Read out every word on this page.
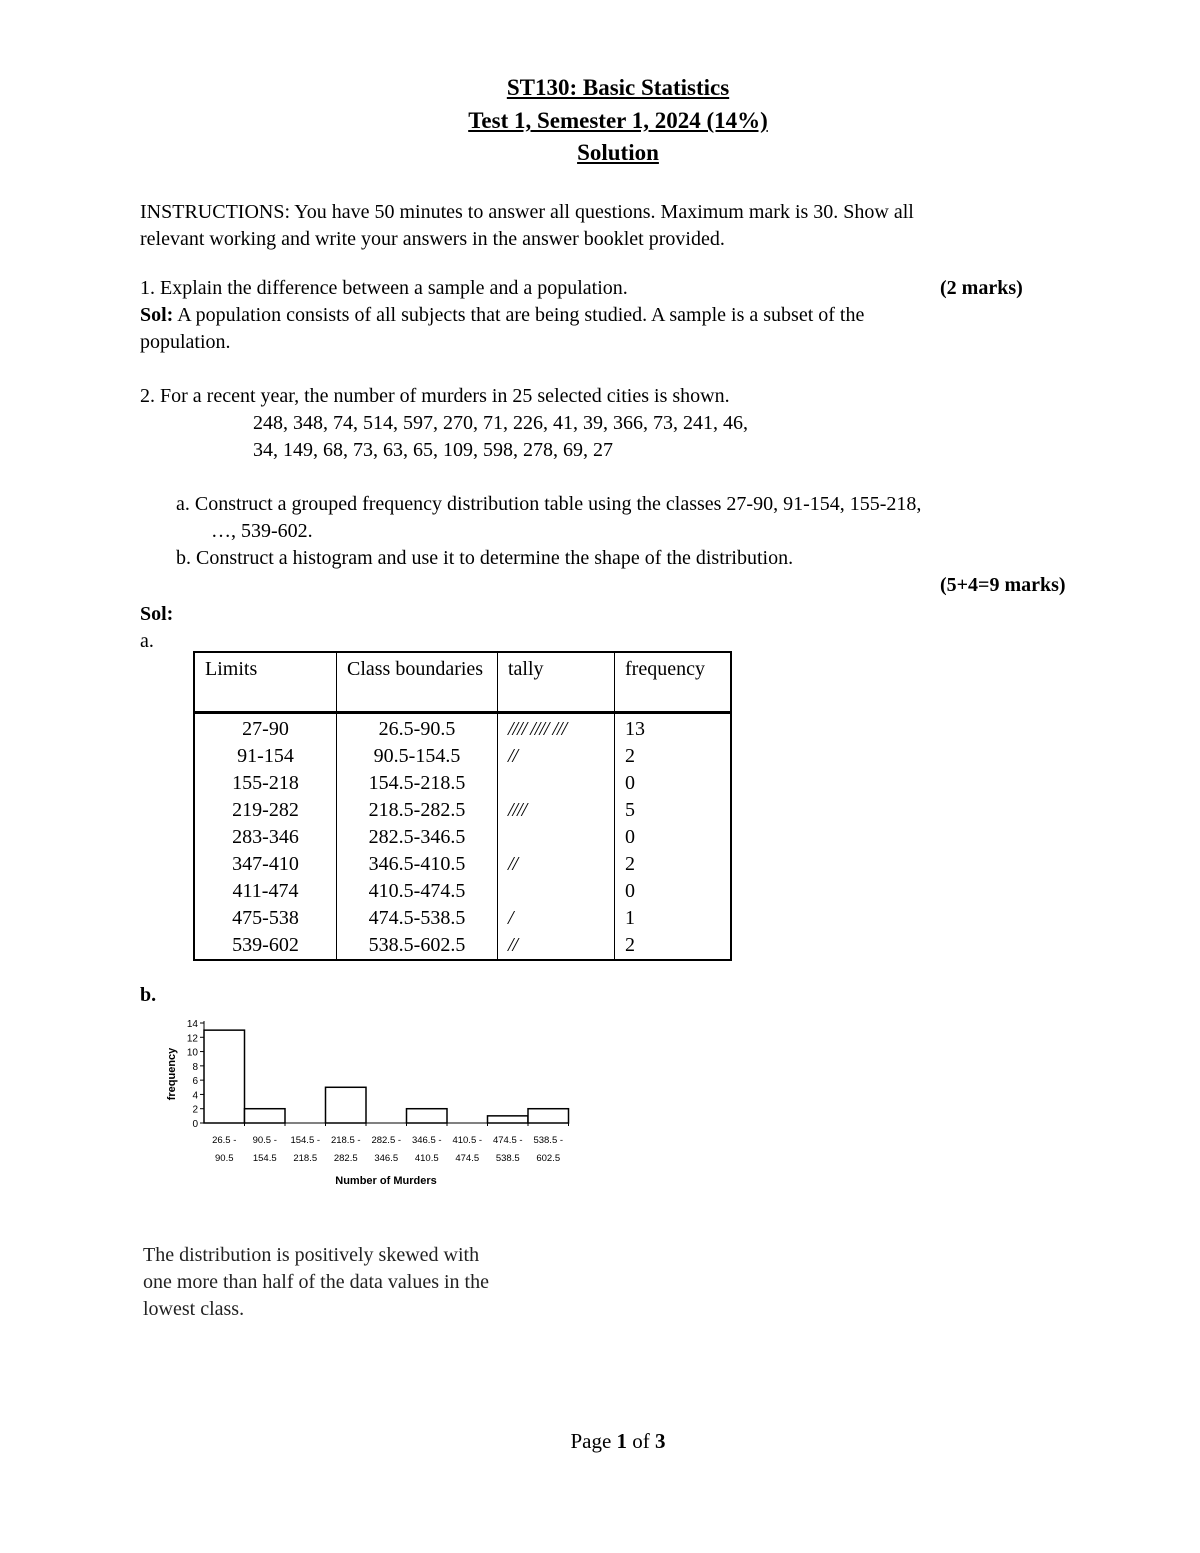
ST130: Basic Statistics
Test 1, Semester 1, 2024 (14%)
Solution
INSTRUCTIONS: You have 50 minutes to answer all questions. Maximum mark is 30. Show all
relevant working and write your answers in the answer booklet provided.
1. Explain the difference between a sample and a population.	(2 marks)
Sol: A population consists of all subjects that are being studied. A sample is a subset of the
population.
2. For a recent year, the number of murders in 25 selected cities is shown.
248, 348, 74, 514, 597, 270, 71, 226, 41, 39, 366, 73, 241, 46,
34, 149, 68, 73, 63, 65, 109, 598, 278, 69, 27
a. Construct a grouped frequency distribution table using the classes 27-90, 91-154, 155-218,
…, 539-602.
b. Construct a histogram and use it to determine the shape of the distribution.
(5+4=9 marks)
Sol:
a.
Limits	Class boundaries	tally	frequency
27-90	26.5-90.5	//// //// ///	13
91-154	90.5-154.5	//	2
155-218	154.5-218.5		0
219-282	218.5-282.5	////	5
283-346	282.5-346.5		0
347-410	346.5-410.5	//	2
411-474	410.5-474.5		0
475-538	474.5-538.5	/	1
539-602	538.5-602.5	//	2
b.
0
2
4
6
8
10
12
14
26.5 -
90.5
90.5 -
154.5
154.5 -
218.5
218.5 -
282.5
282.5 -
346.5
346.5 -
410.5
410.5 -
474.5
474.5 -
538.5
538.5 -
602.5
frequency
Number of Murders
The distribution is positively skewed with
one more than half of the data values in the
lowest class.
Page 1 of 3
